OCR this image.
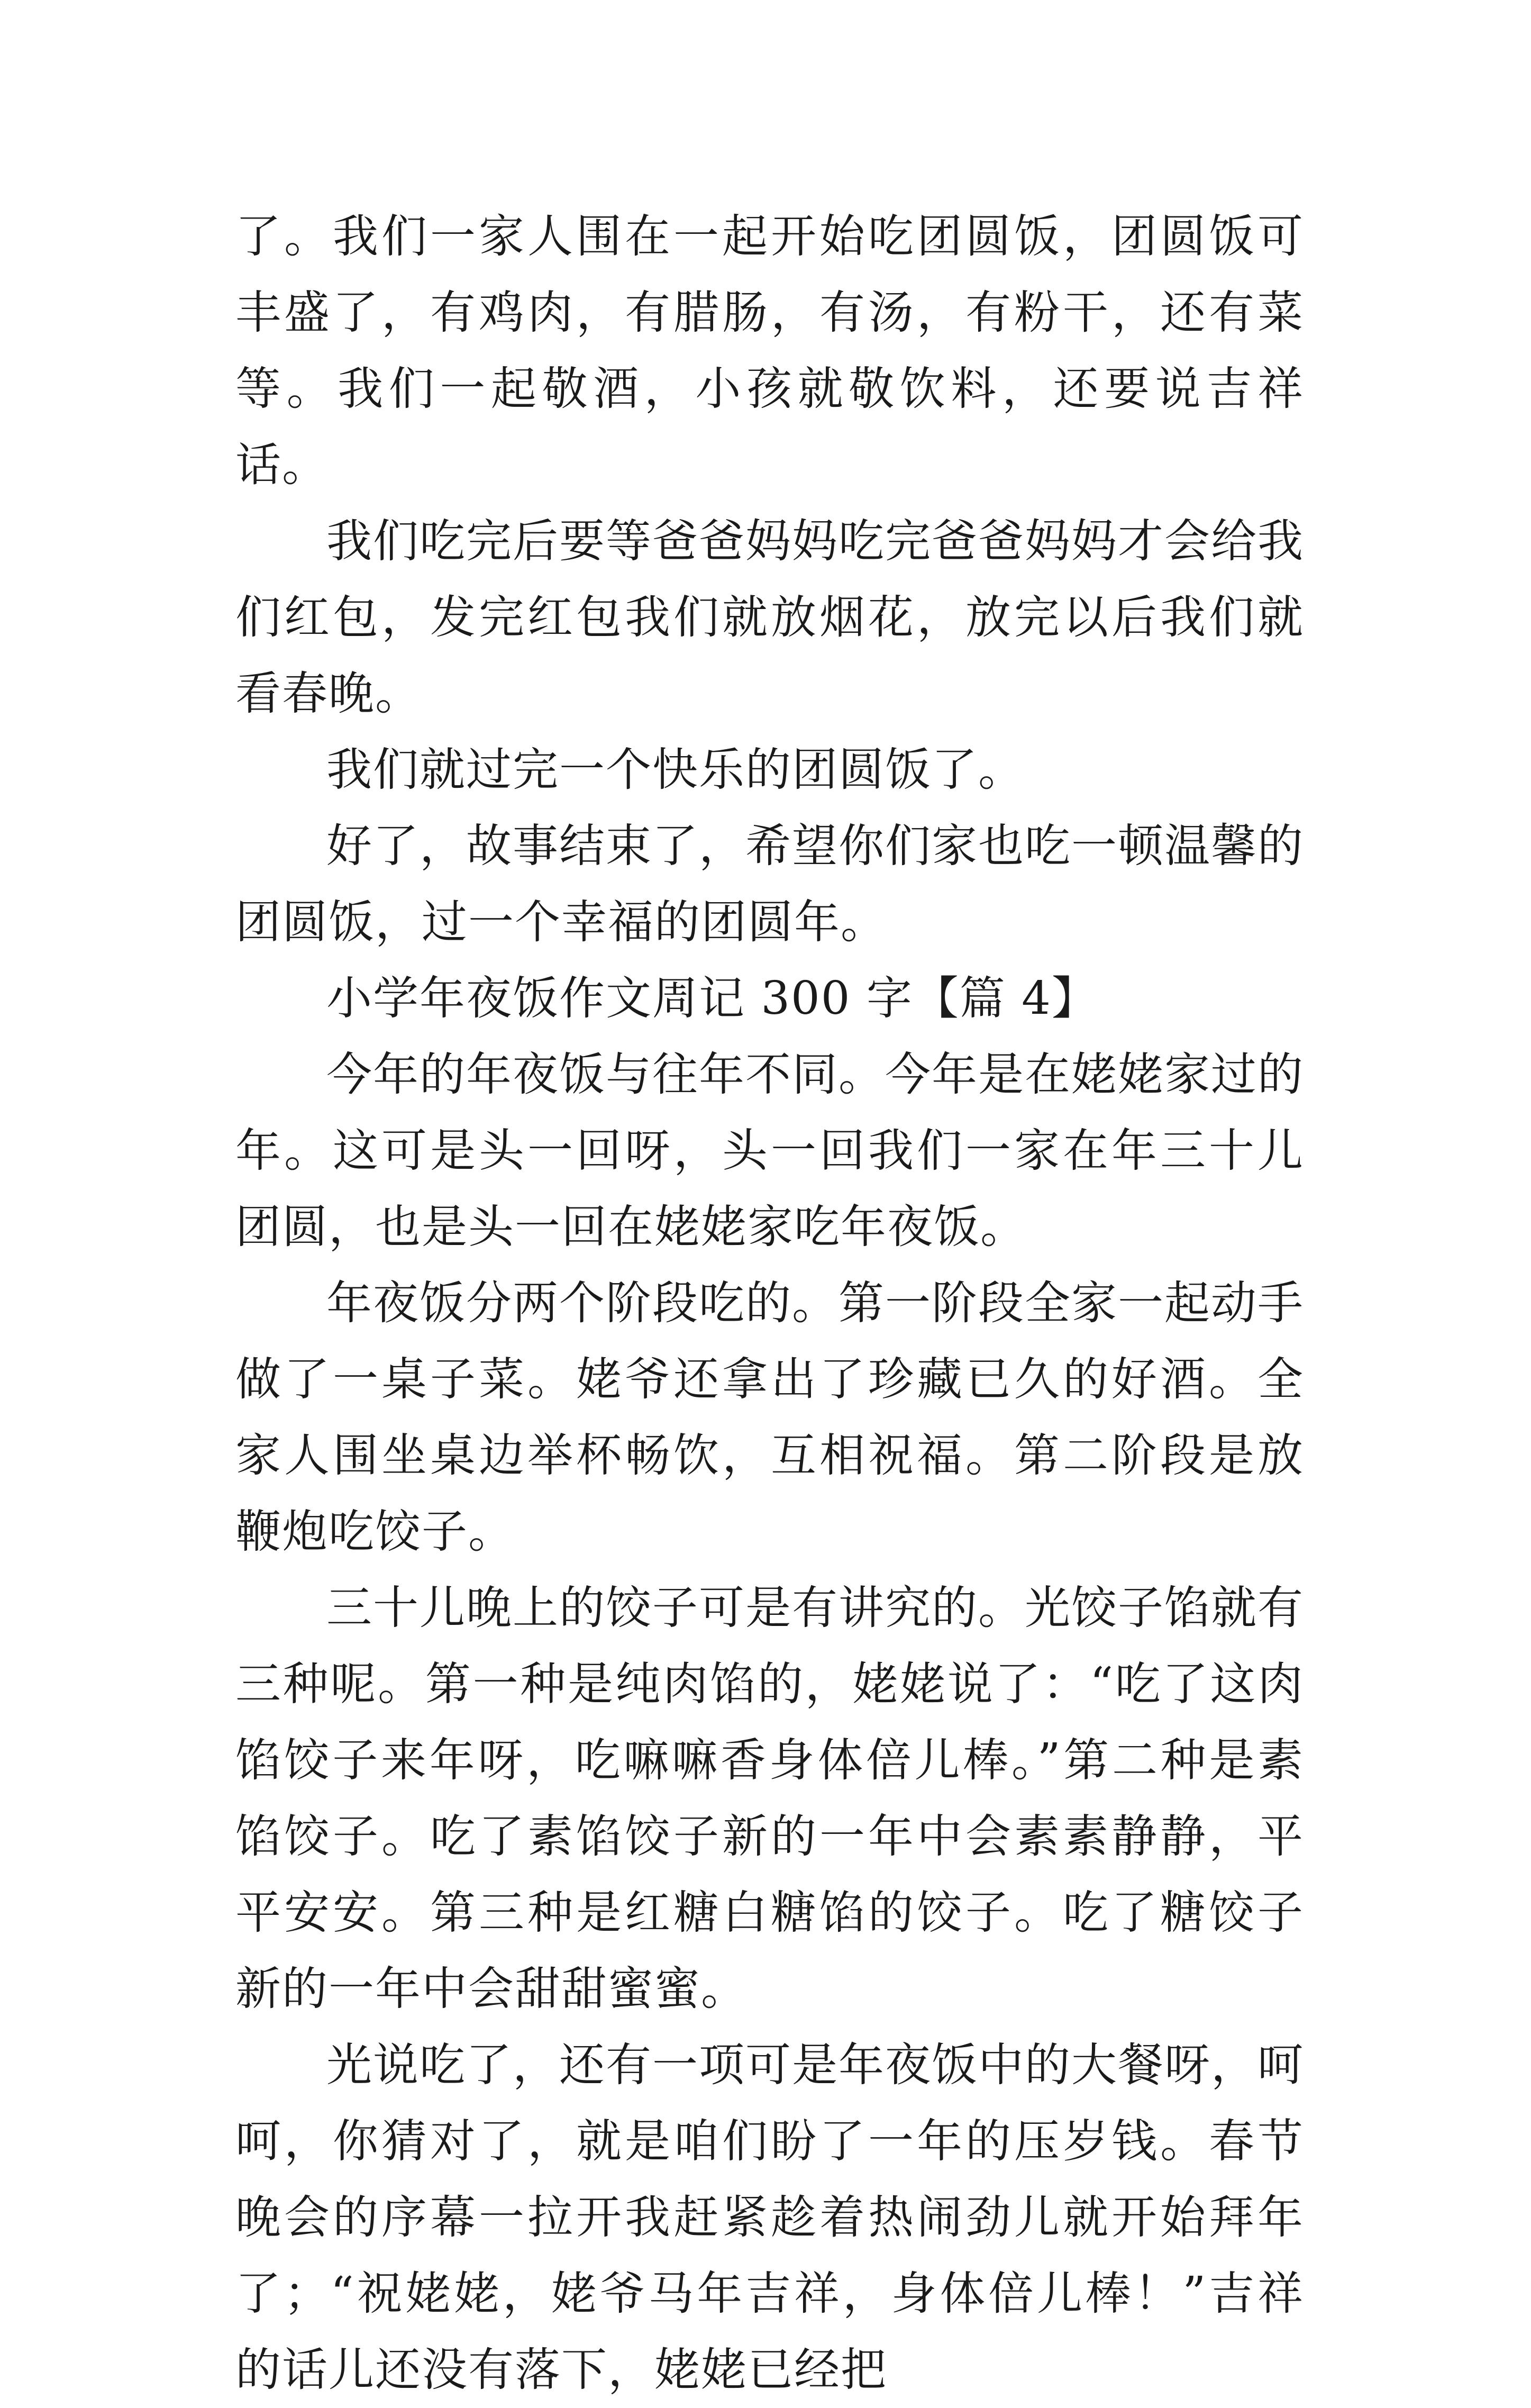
了。我们一家人围在一起开始吃团圆饭，团圆饭可丰盛了，有鸡肉，有腊肠，有汤，有粉干，还有菜等。我们一起敬酒，小孩就敬饮料，还要说吉祥话。

我们吃完后要等爸爸妈妈吃完爸爸妈妈才会给我们红包，发完红包我们就放烟花，放完以后我们就看春晚。

我们就过完一个快乐的团圆饭了。

好了，故事结束了，希望你们家也吃一顿温馨的团圆饭，过一个幸福的团圆年。

小学年夜饭作文周记 300 字【篇 4】

今年的年夜饭与往年不同。今年是在姥姥家过的年。这可是头一回呀，头一回我们一家在年三十儿团圆，也是头一回在姥姥家吃年夜饭。

年夜饭分两个阶段吃的。第一阶段全家一起动手做了一桌子菜。姥爷还拿出了珍藏已久的好酒。全家人围坐桌边举杯畅饮，互相祝福。第二阶段是放鞭炮吃饺子。

三十儿晚上的饺子可是有讲究的。光饺子馅就有三种呢。第一种是纯肉馅的，姥姥说了：“吃了这肉馅饺子来年呀，吃嘛嘛香身体倍儿棒。”第二种是素馅饺子。吃了素馅饺子新的一年中会素素静静，平平安安。第三种是红糖白糖馅的饺子。吃了糖饺子新的一年中会甜甜蜜蜜。

光说吃了，还有一项可是年夜饭中的大餐呀，呵呵，你猜对了，就是咱们盼了一年的压岁钱。春节晚会的序幕一拉开我赶紧趁着热闹劲儿就开始拜年了；“祝姥姥，姥爷马年吉祥，身体倍儿棒！”吉祥的话儿还没有落下，姥姥已经把
